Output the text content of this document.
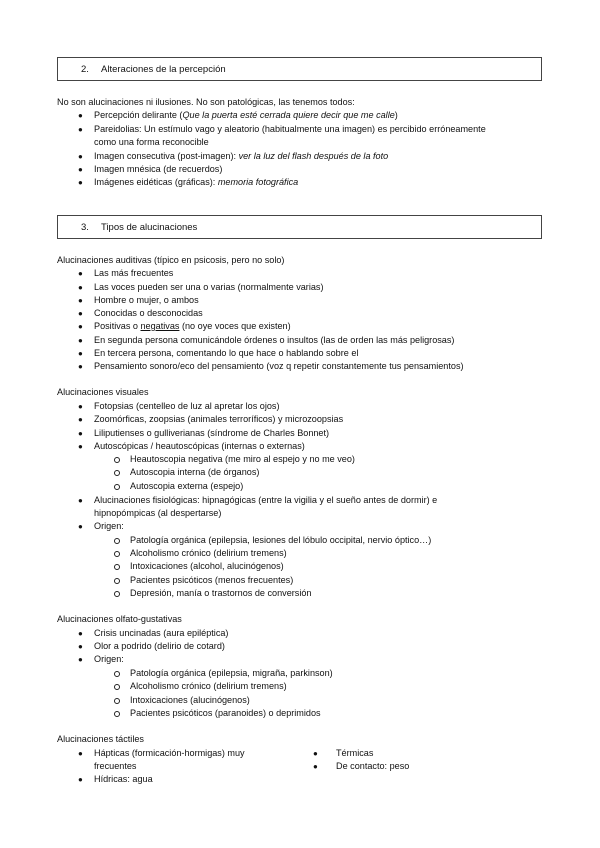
2. Alteraciones de la percepción
No son alucinaciones ni ilusiones. No son patológicas, las tenemos todos:
● Percepción delirante (Que la puerta esté cerrada quiere decir que me calle)
● Pareidolias: Un estímulo vago y aleatorio (habitualmente una imagen) es percibido erróneamente
como una forma reconocible
● Imagen consecutiva (post-imagen): ver la luz del flash después de la foto
● Imagen mnésica (de recuerdos)
● Imágenes eidéticas (gráficas): memoria fotográfica
3. Tipos de alucinaciones
Alucinaciones auditivas (típico en psicosis, pero no solo)
● Las más frecuentes
● Las voces pueden ser una o varias (normalmente varias)
● Hombre o mujer, o ambos
● Conocidas o desconocidas
● Positivas o negativas (no oye voces que existen)
● En segunda persona comunicándole órdenes o insultos (las de orden las más peligrosas)
● En tercera persona, comentando lo que hace o hablando sobre el
● Pensamiento sonoro/eco del pensamiento (voz q repetir constantemente tus pensamientos)
Alucinaciones visuales
● Fotopsias (centelleo de luz al apretar los ojos)
● Zoomórficas, zoopsias (animales terroríficos) y microzoopsias
● Liliputienses o gulliverianas (síndrome de Charles Bonnet)
● Autoscópicas / heautoscópicas (internas o externas)
Heautoscopia negativa (me miro al espejo y no me veo)
Autoscopia interna (de órganos)
Autoscopia externa (espejo)
● Alucinaciones fisiológicas: hipnagógicas (entre la vigilia y el sueño antes de dormir) e
hipnopómpicas (al despertarse)
● Origen:
Patología orgánica (epilepsia, lesiones del lóbulo occipital, nervio óptico…)
Alcoholismo crónico (delirium tremens)
Intoxicaciones (alcohol, alucinógenos)
Pacientes psicóticos (menos frecuentes)
Depresión, manía o trastornos de conversión
Alucinaciones olfato-gustativas
● Crisis uncinadas (aura epiléptica)
● Olor a podrido (delirio de cotard)
● Origen:
Patología orgánica (epilepsia, migraña, parkinson)
Alcoholismo crónico (delirium tremens)
Intoxicaciones (alucinógenos)
Pacientes psicóticos (paranoides) o deprimidos
Alucinaciones táctiles
● Hápticas (formicación-hormigas) muy
frecuentes
● Hídricas: agua
● Térmicas
● De contacto: peso
